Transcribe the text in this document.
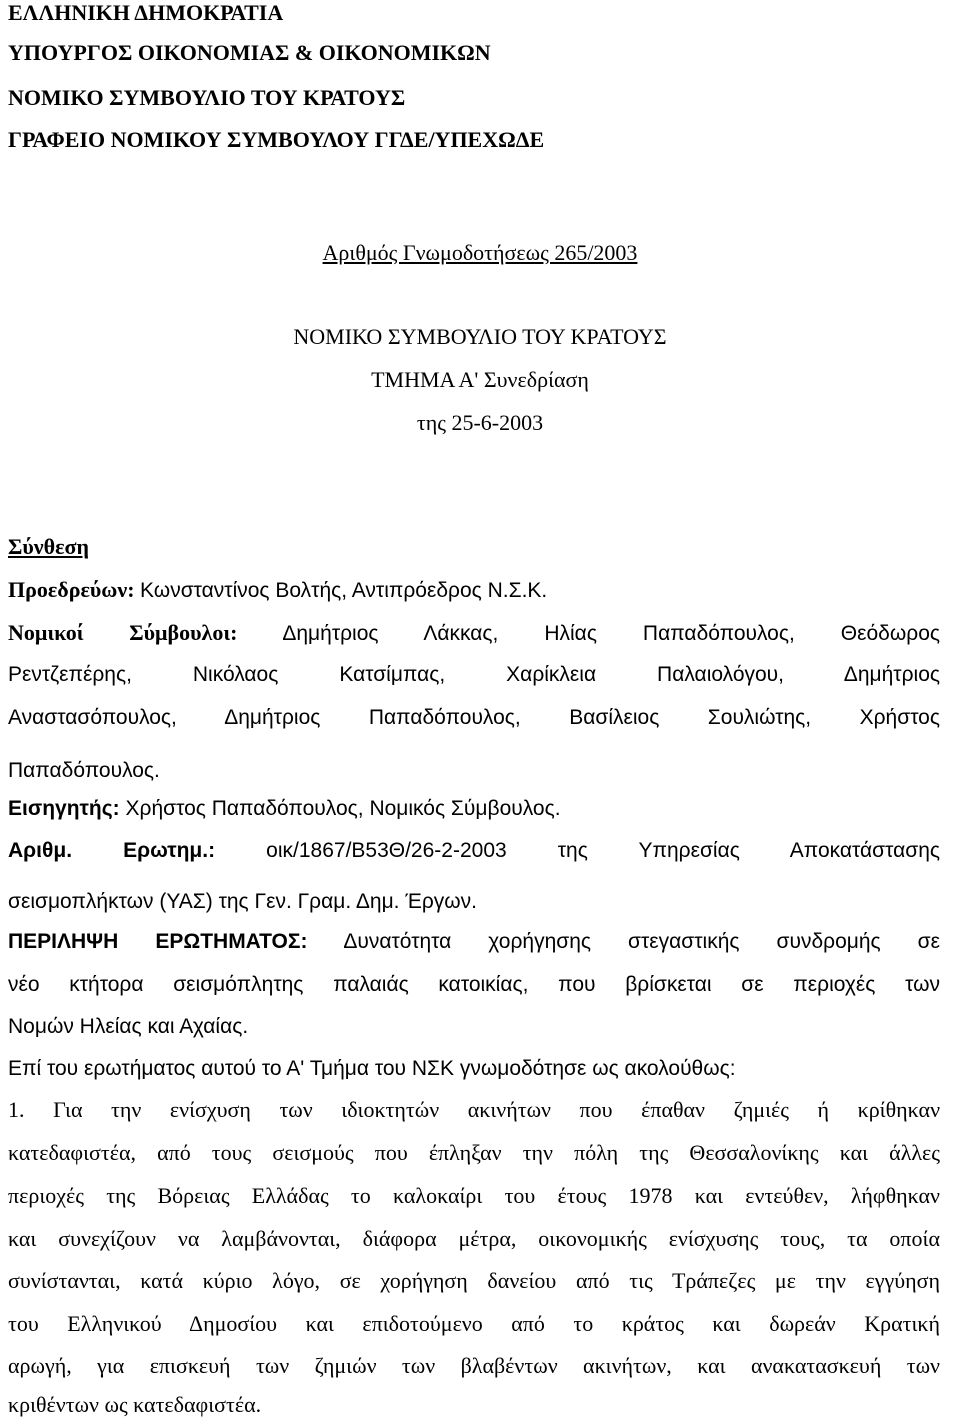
ΕΛΛΗΝΙΚΗ ΔΗΜΟΚΡΑΤΙΑ
ΥΠΟΥΡΓΟΣ ΟΙΚΟΝΟΜΙΑΣ & ΟΙΚΟΝΟΜΙΚΩΝ
ΝΟΜΙΚΟ ΣΥΜΒΟΥΛΙΟ ΤΟΥ ΚΡΑΤΟΥΣ
ΓΡΑΦΕΙΟ ΝΟΜΙΚΟΥ ΣΥΜΒΟΥΛΟΥ ΓΓΔΕ/ΥΠΕΧΩΔΕ
Αριθμός Γνωμοδοτήσεως 265/2003
ΝΟΜΙΚΟ ΣΥΜΒΟΥΛΙΟ ΤΟΥ ΚΡΑΤΟΥΣ
ΤΜΗΜΑ Α' Συνεδρίαση
της 25-6-2003
Σύνθεση
Προεδρεύων: Κωνσταντίνος Βολτής, Αντιπρόεδρος Ν.Σ.Κ.
Νομικοί Σύμβουλοι: Δημήτριος Λάκκας, Ηλίας Παπαδόπουλος, Θεόδωρος
Ρεντζεπέρης, Νικόλαος Κατσίμπας, Χαρίκλεια Παλαιολόγου, Δημήτριος
Αναστασόπουλος, Δημήτριος Παπαδόπουλος, Βασίλειος Σουλιώτης, Χρήστος
Παπαδόπουλος.
Εισηγητής: Χρήστος Παπαδόπουλος, Νομικός Σύμβουλος.
Αριθμ. Ερωτημ.: οικ/1867/Β53Θ/26-2-2003 της Υπηρεσίας Αποκατάστασης
σεισμοπλήκτων (ΥΑΣ) της Γεν. Γραμ. Δημ. Έργων.
ΠΕΡΙΛΗΨΗ ΕΡΩΤΗΜΑΤΟΣ: Δυνατότητα χορήγησης στεγαστικής συνδρομής σε
νέο κτήτορα σεισμόπλητης παλαιάς κατοικίας, που βρίσκεται σε περιοχές των
Νομών Ηλείας και Αχαίας.
Επί του ερωτήματος αυτού το Α' Τμήμα του ΝΣΚ γνωμοδότησε ως ακολούθως:
1. Για την ενίσχυση των ιδιοκτητών ακινήτων που έπαθαν ζημιές ή κρίθηκαν
κατεδαφιστέα, από τους σεισμούς που έπληξαν την πόλη της Θεσσαλονίκης και άλλες
περιοχές της Βόρειας Ελλάδας το καλοκαίρι του έτους 1978 και εντεύθεν, λήφθηκαν
και συνεχίζουν να λαμβάνονται, διάφορα μέτρα, οικονομικής ενίσχυσης τους, τα οποία
συνίστανται, κατά κύριο λόγο, σε χορήγηση δανείου από τις Τράπεζες με την εγγύηση
του Ελληνικού Δημοσίου και επιδοτούμενο από το κράτος και δωρεάν Κρατική
αρωγή, για επισκευή των ζημιών των βλαβέντων ακινήτων, και ανακατασκευή των
κριθέντων ως κατεδαφιστέα.
